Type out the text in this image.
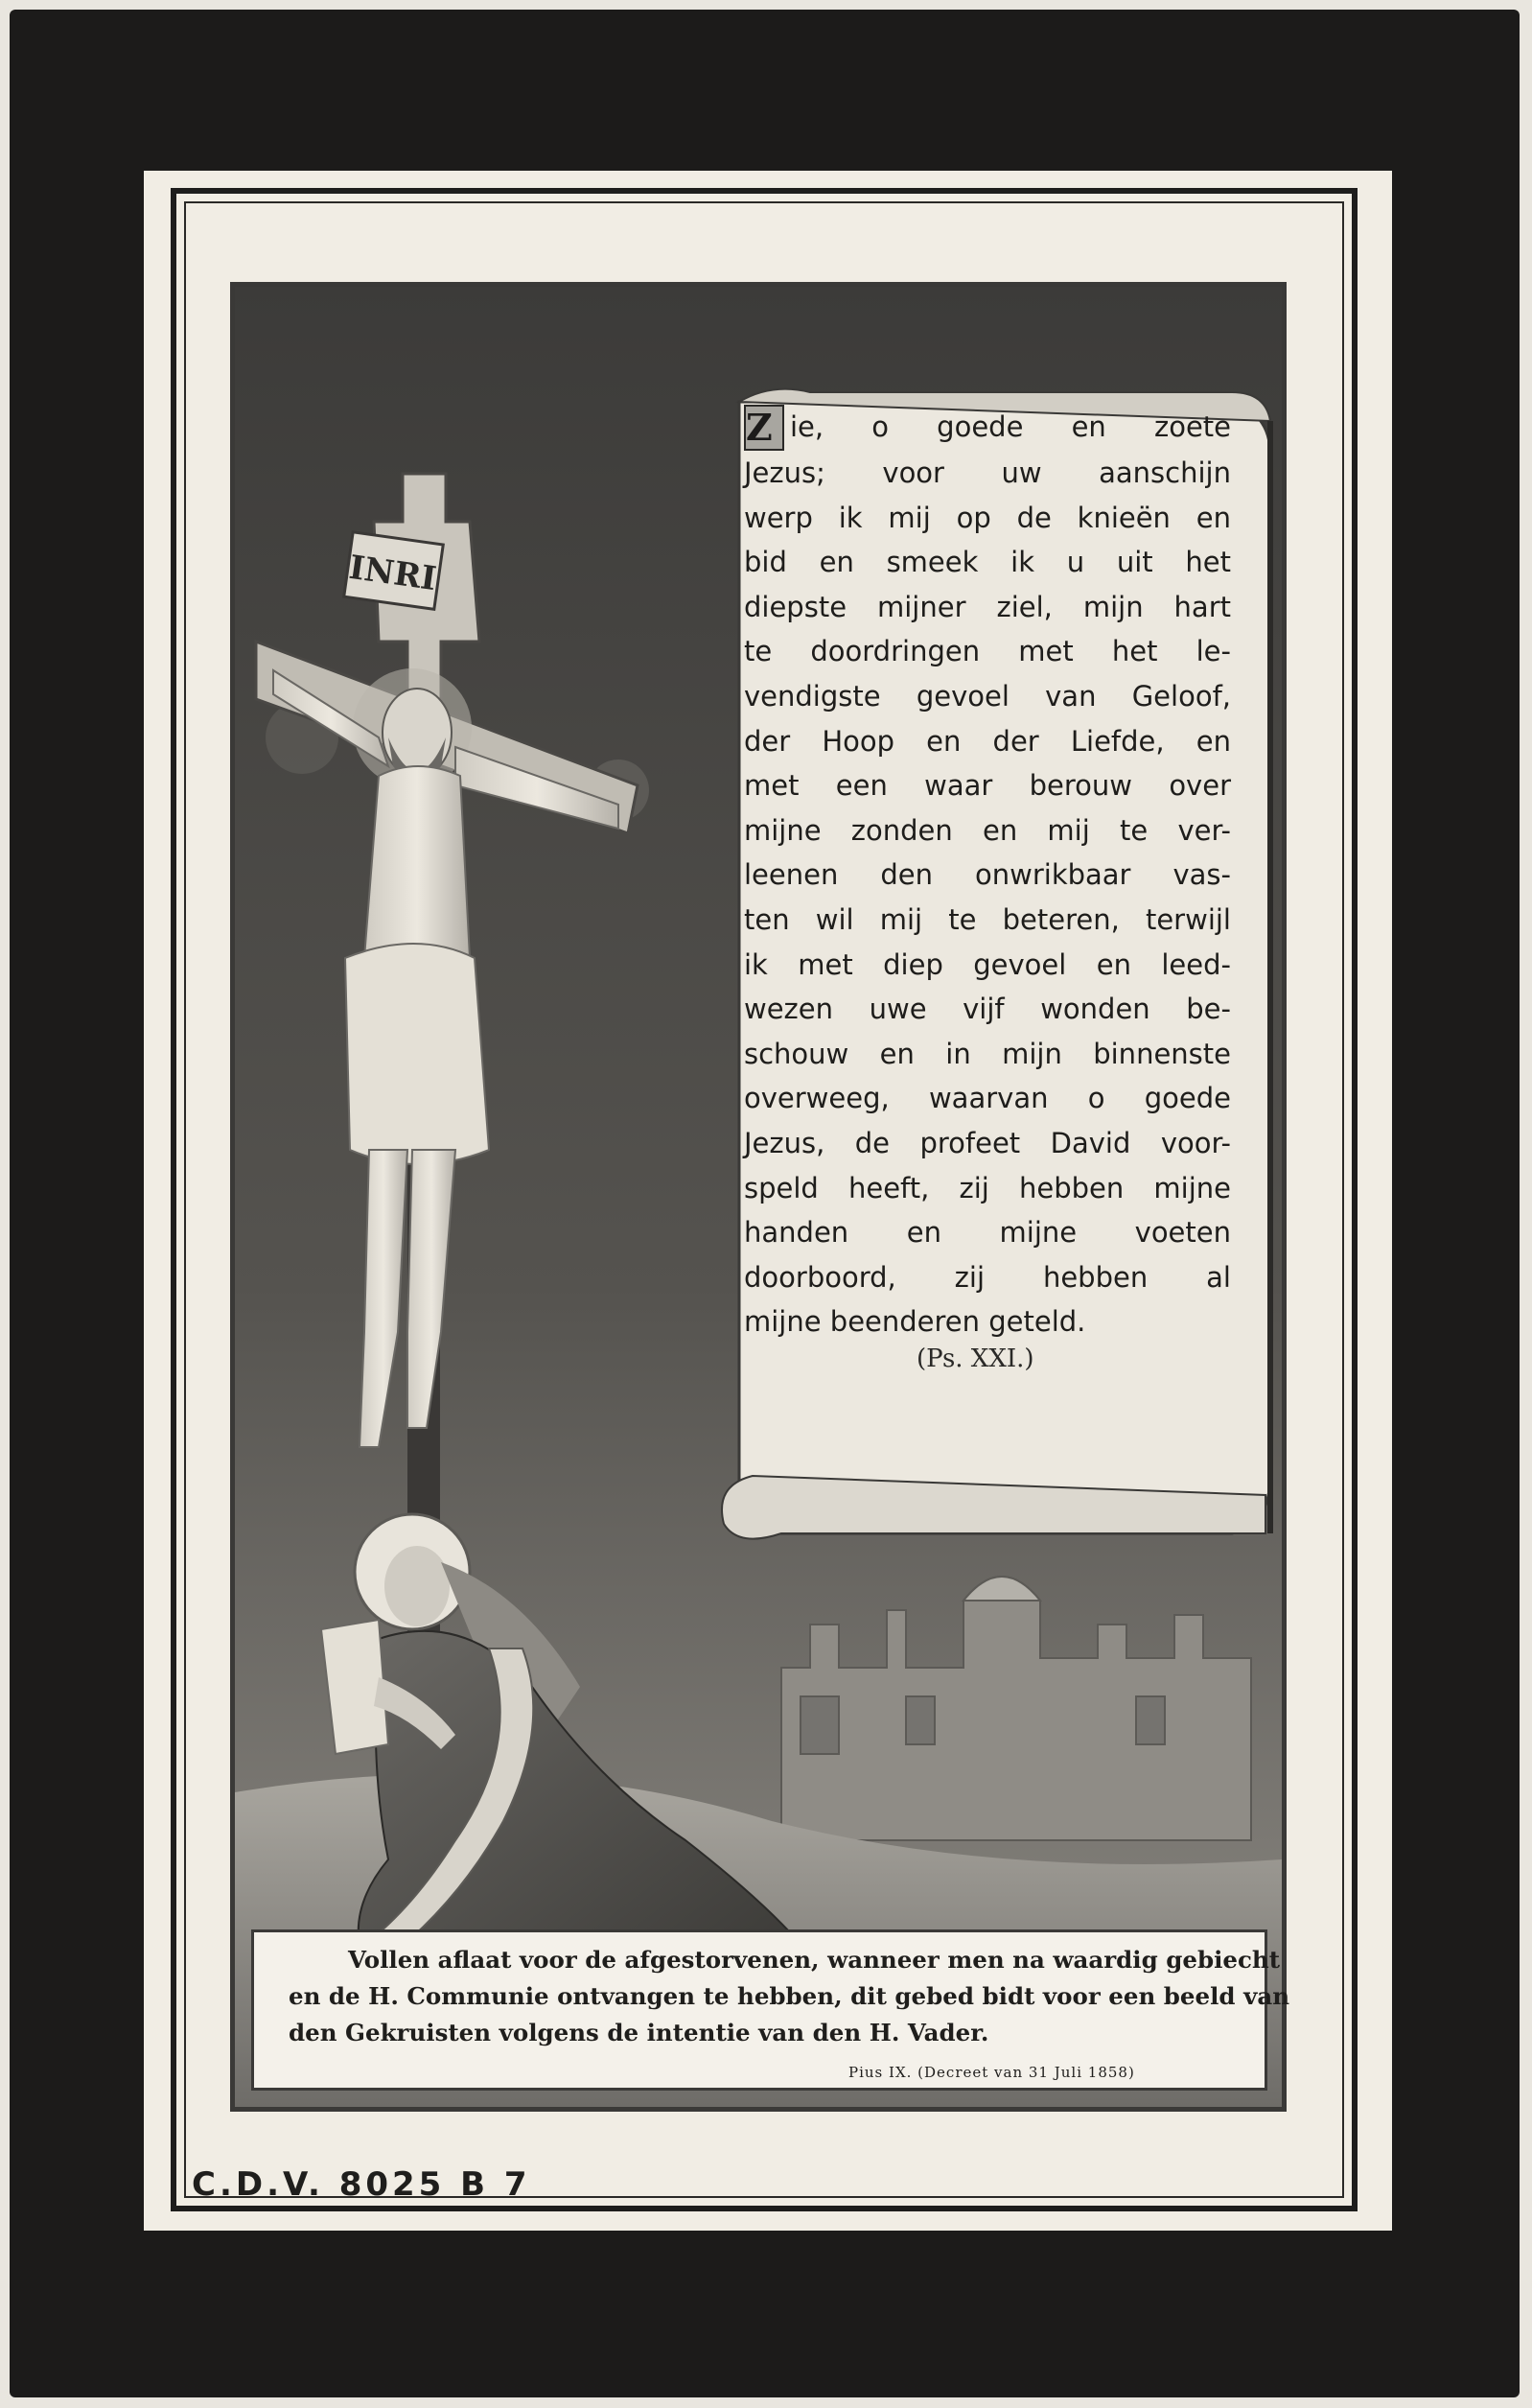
INRI
Z ie, o goede en zoete
Jezus; voor uw aanschijn
werp ik mij op de knieën en
bid en smeek ik u uit het
diepste mijner ziel, mijn hart
te doordringen met het le-
vendigste gevoel van Geloof,
der Hoop en der Liefde, en
met een waar berouw over
mijne zonden en mij te ver-
leenen den onwrikbaar vas-
ten wil mij te beteren, terwijl
ik met diep gevoel en leed-
wezen uwe vijf wonden be-
schouw en in mijn binnenste
overweeg, waarvan o goede
Jezus, de profeet David voor-
speld heeft, zij hebben mijne
handen en mijne voeten
doorboord, zij hebben al
mijne beenderen geteld.
(Ps. XXI.)
Vollen aflaat voor de afgestorvenen, wanneer men na waardig gebiecht
en de H. Communie ontvangen te hebben, dit gebed bidt voor een beeld van
den Gekruisten volgens de intentie van den H. Vader.
Pius IX. (Decreet van 31 Juli 1858)
C.D.V. 8025 B 7
